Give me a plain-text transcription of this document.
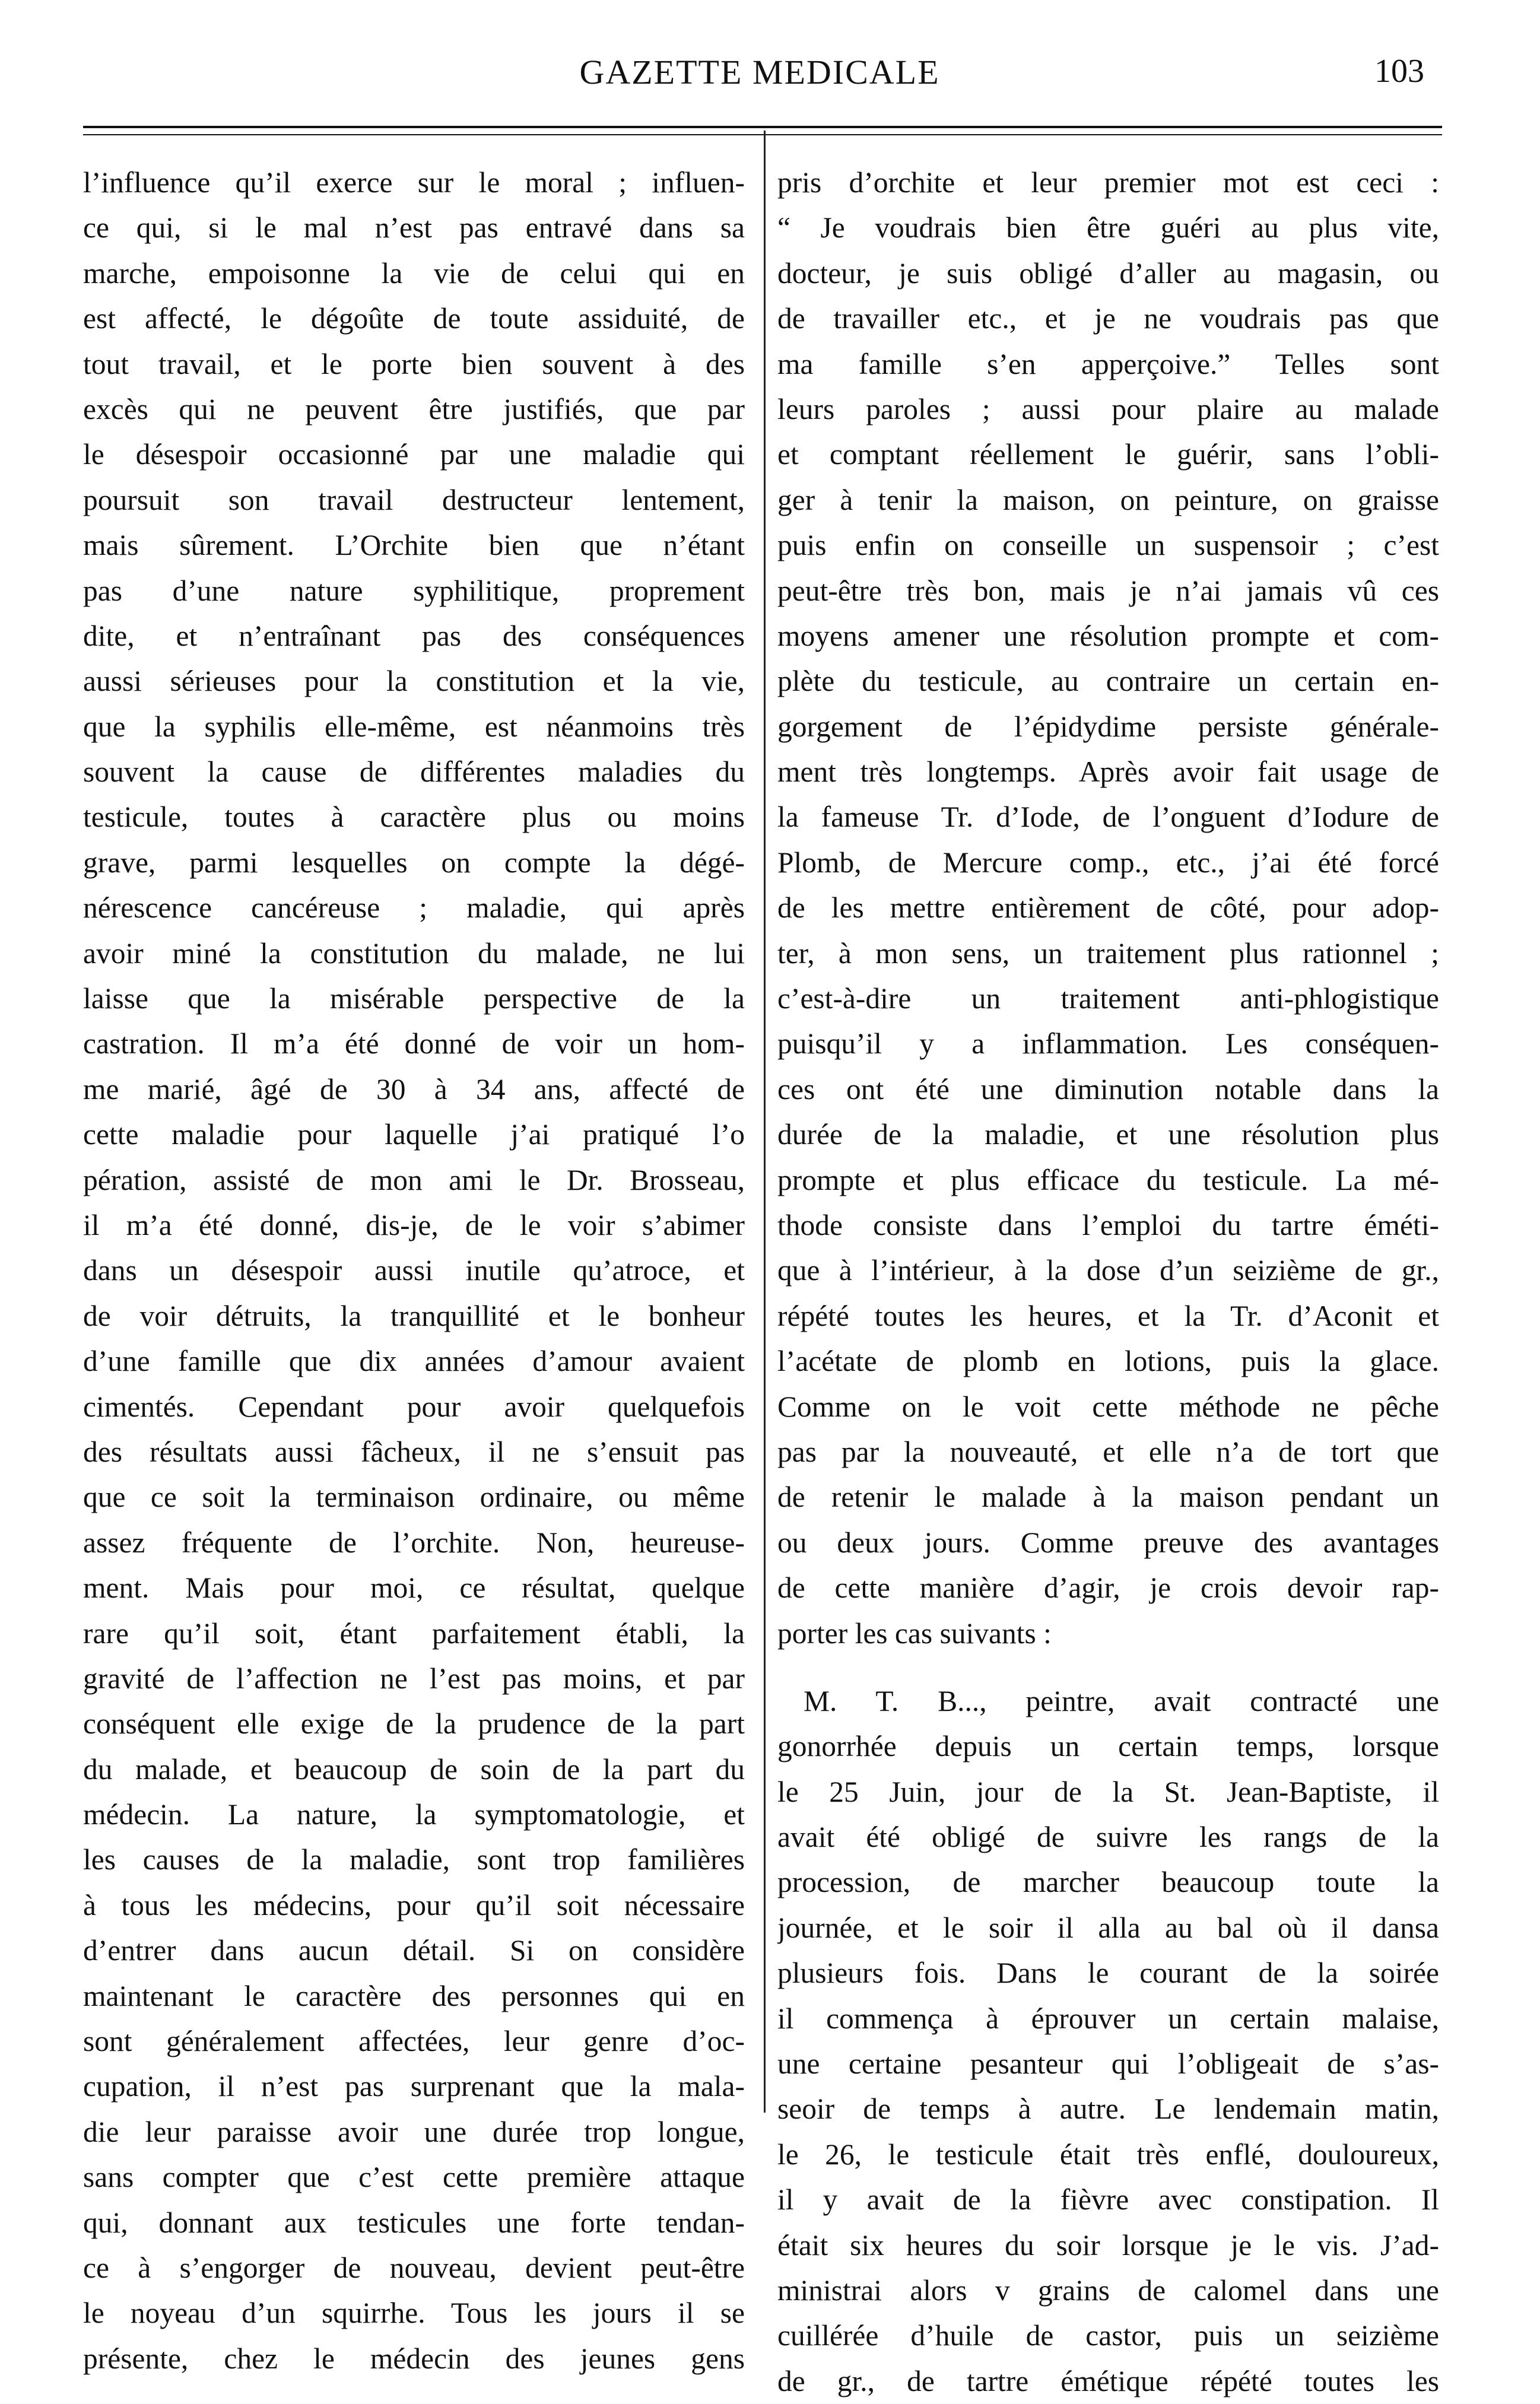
GAZETTE MEDICALE	103
l’influence qu’il exerce sur le moral ; influen-
ce qui, si le mal n’est pas entravé dans sa
marche, empoisonne la vie de celui qui en
est affecté, le dégoûte de toute assiduité, de
tout travail, et le porte bien souvent à des
excès qui ne peuvent être justifiés, que par
le désespoir occasionné par une maladie qui
poursuit son travail destructeur lentement,
mais sûrement. L’Orchite bien que n’étant
pas d’une nature syphilitique, proprement
dite, et n’entraînant pas des conséquences
aussi sérieuses pour la constitution et la vie,
que la syphilis elle-même, est néanmoins très
souvent la cause de différentes maladies du
testicule, toutes à caractère plus ou moins
grave, parmi lesquelles on compte la dégé-
nérescence cancéreuse ; maladie, qui après
avoir miné la constitution du malade, ne lui
laisse que la misérable perspective de la
castration. Il m’a été donné de voir un hom-
me marié, âgé de 30 à 34 ans, affecté de
cette maladie pour laquelle j’ai pratiqué l’o
pération, assisté de mon ami le Dr. Brosseau,
il m’a été donné, dis-je, de le voir s’abimer
dans un désespoir aussi inutile qu’atroce, et
de voir détruits, la tranquillité et le bonheur
d’une famille que dix années d’amour avaient
cimentés. Cependant pour avoir quelquefois
des résultats aussi fâcheux, il ne s’ensuit pas
que ce soit la terminaison ordinaire, ou même
assez fréquente de l’orchite. Non, heureuse-
ment. Mais pour moi, ce résultat, quelque
rare qu’il soit, étant parfaitement établi, la
gravité de l’affection ne l’est pas moins, et par
conséquent elle exige de la prudence de la part
du malade, et beaucoup de soin de la part du
médecin. La nature, la symptomatologie, et
les causes de la maladie, sont trop familières
à tous les médecins, pour qu’il soit nécessaire
d’entrer dans aucun détail. Si on considère
maintenant le caractère des personnes qui en
sont généralement affectées, leur genre d’oc-
cupation, il n’est pas surprenant que la mala-
die leur paraisse avoir une durée trop longue,
sans compter que c’est cette première attaque
qui, donnant aux testicules une forte tendan-
ce à s’engorger de nouveau, devient peut-être
le noyeau d’un squirrhe. Tous les jours il se
présente, chez le médecin des jeunes gens
pris d’orchite et leur premier mot est ceci :
“ Je voudrais bien être guéri au plus vite,
docteur, je suis obligé d’aller au magasin, ou
de travailler etc., et je ne voudrais pas que
ma famille s’en apperçoive.” Telles sont
leurs paroles ; aussi pour plaire au malade
et comptant réellement le guérir, sans l’obli-
ger à tenir la maison, on peinture, on graisse
puis enfin on conseille un suspensoir ; c’est
peut-être très bon, mais je n’ai jamais vû ces
moyens amener une résolution prompte et com-
plète du testicule, au contraire un certain en-
gorgement de l’épidydime persiste générale-
ment très longtemps. Après avoir fait usage de
la fameuse Tr. d’Iode, de l’onguent d’Iodure de
Plomb, de Mercure comp., etc., j’ai été forcé
de les mettre entièrement de côté, pour adop-
ter, à mon sens, un traitement plus rationnel ;
c’est-à-dire un traitement anti-phlogistique
puisqu’il y a inflammation. Les conséquen-
ces ont été une diminution notable dans la
durée de la maladie, et une résolution plus
prompte et plus efficace du testicule. La mé-
thode consiste dans l’emploi du tartre éméti-
que à l’intérieur, à la dose d’un seizième de gr.,
répété toutes les heures, et la Tr. d’Aconit et
l’acétate de plomb en lotions, puis la glace.
Comme on le voit cette méthode ne pêche
pas par la nouveauté, et elle n’a de tort que
de retenir le malade à la maison pendant un
ou deux jours. Comme preuve des avantages
de cette manière d’agir, je crois devoir rap-
porter les cas suivants :
M. T. B..., peintre, avait contracté une
gonorrhée depuis un certain temps, lorsque
le 25 Juin, jour de la St. Jean-Baptiste, il
avait été obligé de suivre les rangs de la
procession, de marcher beaucoup toute la
journée, et le soir il alla au bal où il dansa
plusieurs fois. Dans le courant de la soirée
il commença à éprouver un certain malaise,
une certaine pesanteur qui l’obligeait de s’as-
seoir de temps à autre. Le lendemain matin,
le 26, le testicule était très enflé, douloureux,
il y avait de la fièvre avec constipation. Il
était six heures du soir lorsque je le vis. J’ad-
ministrai alors v grains de calomel dans une
cuillérée d’huile de castor, puis un seizième
de gr., de tartre émétique répété toutes les
